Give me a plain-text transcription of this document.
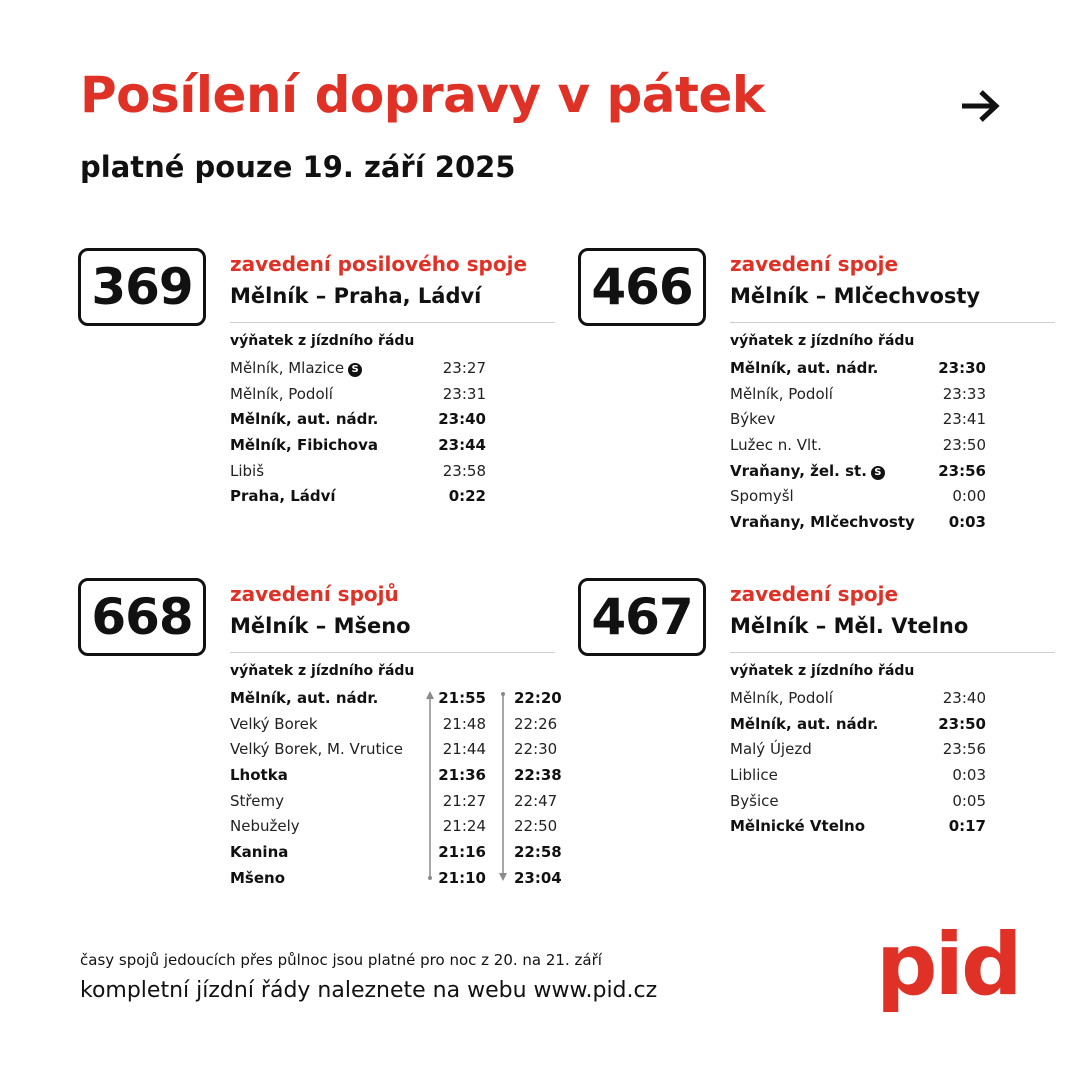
Posílení dopravy v pátek
platné pouze 19. září 2025
369	zavedení posilového spoje
Mělník – Praha, Ládví
výňatek z jízdního řádu
Mělník, Mlazice S	23:27
Mělník, Podolí	23:31
Mělník, aut. nádr.	23:40
Mělník, Fibichova	23:44
Libiš	23:58
Praha, Ládví	0:22
466	zavedení spoje
Mělník – Mlčechvosty
výňatek z jízdního řádu
Mělník, aut. nádr.	23:30
Mělník, Podolí	23:33
Býkev	23:41
Lužec n. Vlt.	23:50
Vraňany, žel. st. S	23:56
Spomyšl	0:00
Vraňany, Mlčechvosty	0:03
668	zavedení spojů
Mělník – Mšeno
výňatek z jízdního řádu
Mělník, aut. nádr.	21:55 22:20
Velký Borek	21:48 22:26
Velký Borek, M. Vrutice	21:44 22:30
Lhotka	21:36 22:38
Střemy	21:27 22:47
Nebužely	21:24 22:50
Kanina	21:16 22:58
Mšeno	21:10 23:04
467	zavedení spoje
Mělník – Měl. Vtelno
výňatek z jízdního řádu
Mělník, Podolí	23:40
Mělník, aut. nádr.	23:50
Malý Újezd	23:56
Liblice	0:03
Byšice	0:05
Mělnické Vtelno	0:17
časy spojů jedoucích přes půlnoc jsou platné pro noc z 20. na 21. září
kompletní jízdní řády naleznete na webu www.pid.cz	pid
